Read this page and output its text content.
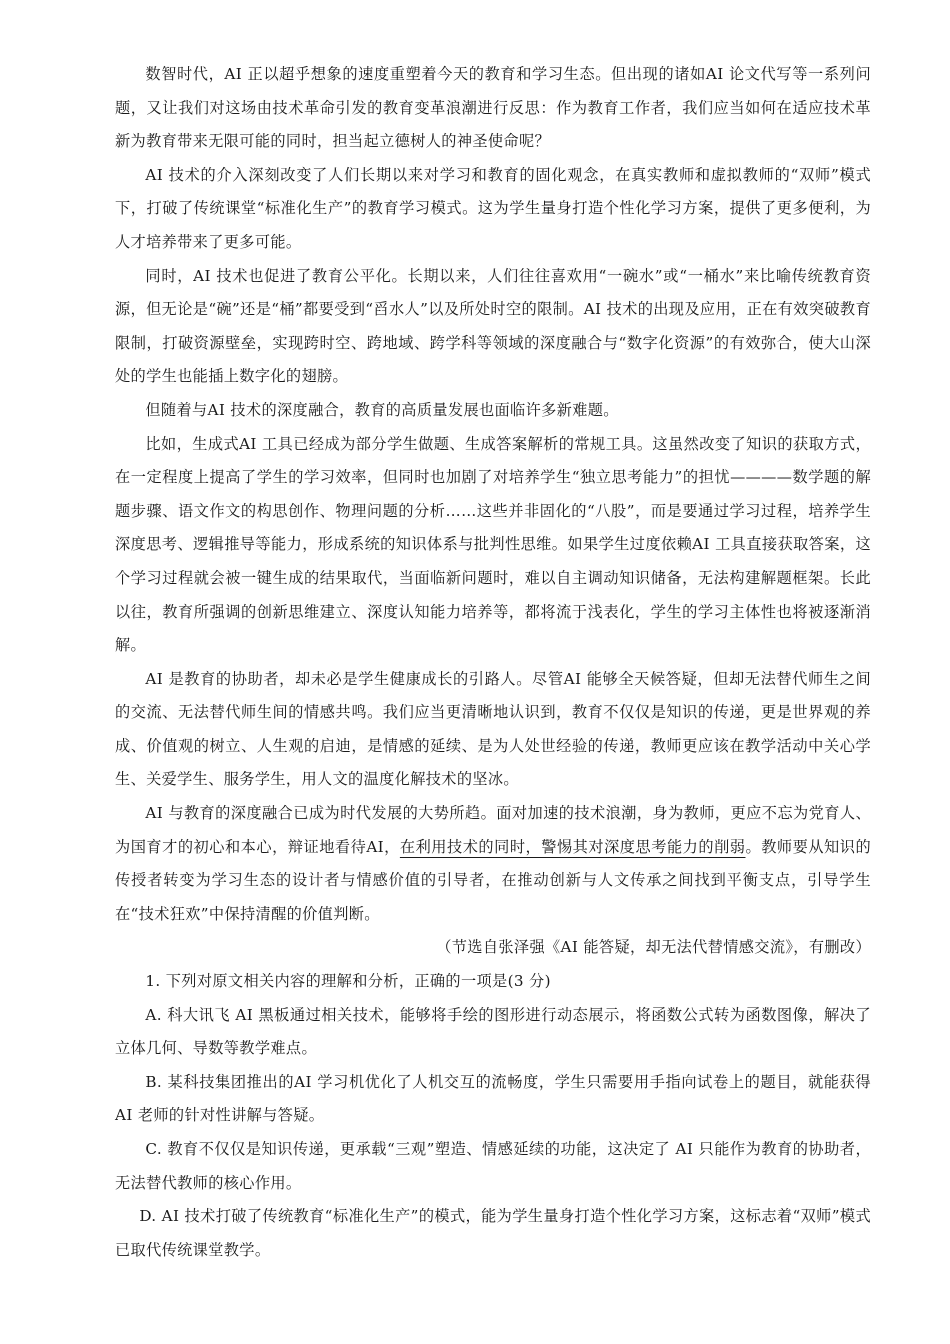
数智时代，AI 正以超乎想象的速度重塑着今天的教育和学习生态。但出现的诸如AI 论文代写等一系列问题，又让我们对这场由技术革命引发的教育变革浪潮进行反思：作为教育工作者，我们应当如何在适应技术革新为教育带来无限可能的同时，担当起立德树人的神圣使命呢？

AI 技术的介入深刻改变了人们长期以来对学习和教育的固化观念，在真实教师和虚拟教师的“双师”模式下，打破了传统课堂“标准化生产”的教育学习模式。这为学生量身打造个性化学习方案，提供了更多便利，为人才培养带来了更多可能。

同时，AI 技术也促进了教育公平化。长期以来，人们往往喜欢用“一碗水”或“一桶水”来比喻传统教育资源，但无论是“碗”还是“桶”都要受到“舀水人”以及所处时空的限制。AI 技术的出现及应用，正在有效突破教育限制，打破资源壁垒，实现跨时空、跨地域、跨学科等领域的深度融合与“数字化资源”的有效弥合，使大山深处的学生也能插上数字化的翅膀。

但随着与AI 技术的深度融合，教育的高质量发展也面临许多新难题。

比如，生成式AI 工具已经成为部分学生做题、生成答案解析的常规工具。这虽然改变了知识的获取方式，在一定程度上提高了学生的学习效率，但同时也加剧了对培养学生“独立思考能力”的担忧————数学题的解题步骤、语文作文的构思创作、物理问题的分析……这些并非固化的“八股”，而是要通过学习过程，培养学生深度思考、逻辑推导等能力，形成系统的知识体系与批判性思维。如果学生过度依赖AI 工具直接获取答案，这个学习过程就会被一键生成的结果取代，当面临新问题时，难以自主调动知识储备，无法构建解题框架。长此以往，教育所强调的创新思维建立、深度认知能力培养等，都将流于浅表化，学生的学习主体性也将被逐渐消解。

AI 是教育的协助者，却未必是学生健康成长的引路人。尽管AI 能够全天候答疑，但却无法替代师生之间的交流、无法替代师生间的情感共鸣。我们应当更清晰地认识到，教育不仅仅是知识的传递，更是世界观的养成、价值观的树立、人生观的启迪，是情感的延续、是为人处世经验的传递，教师更应该在教学活动中关心学生、关爱学生、服务学生，用人文的温度化解技术的坚冰。

AI 与教育的深度融合已成为时代发展的大势所趋。面对加速的技术浪潮，身为教师，更应不忘为党育人、为国育才的初心和本心，辩证地看待AI，在利用技术的同时，警惕其对深度思考能力的削弱。教师要从知识的传授者转变为学习生态的设计者与情感价值的引导者，在推动创新与人文传承之间找到平衡支点，引导学生在“技术狂欢”中保持清醒的价值判断。

（节选自张泽强《AI 能答疑，却无法代替情感交流》，有删改）

1. 下列对原文相关内容的理解和分析，正确的一项是(3 分)

A. 科大讯飞 AI 黑板通过相关技术，能够将手绘的图形进行动态展示，将函数公式转为函数图像，解决了立体几何、导数等教学难点。

B. 某科技集团推出的AI 学习机优化了人机交互的流畅度，学生只需要用手指向试卷上的题目，就能获得 AI 老师的针对性讲解与答疑。

C. 教育不仅仅是知识传递，更承载“三观”塑造、情感延续的功能，这决定了 AI 只能作为教育的协助者，无法替代教师的核心作用。

D. AI 技术打破了传统教育“标准化生产”的模式，能为学生量身打造个性化学习方案，这标志着“双师”模式已取代传统课堂教学。
